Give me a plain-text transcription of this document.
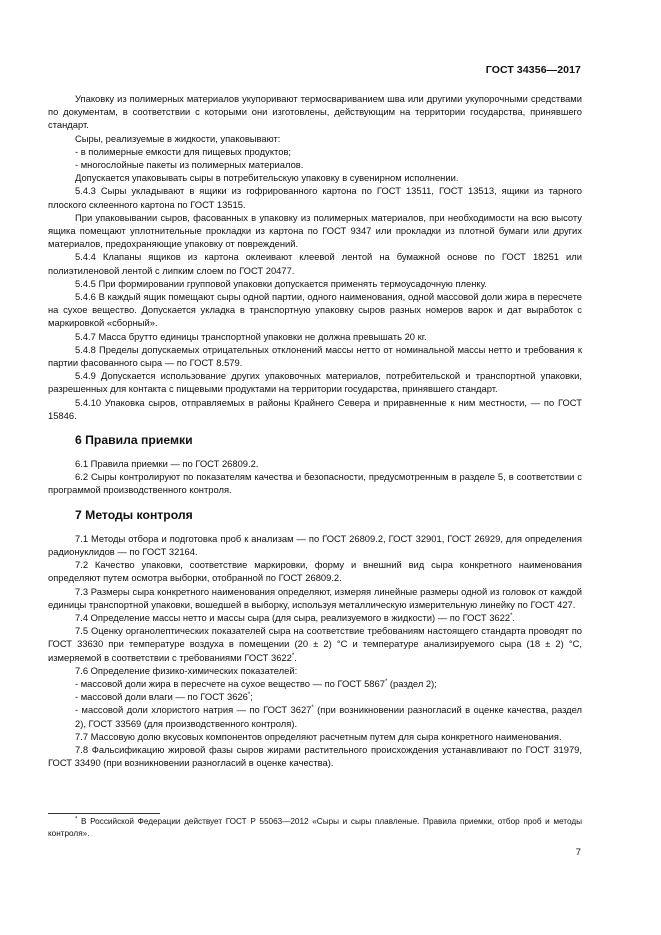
ГОСТ 34356—2017

Упаковку из полимерных материалов укупоривают термосвариванием шва или другими укупорочными средствами по документам, в соответствии с которыми они изготовлены, действующим на территории государства, принявшего стандарт.

Сыры, реализуемые в жидкости, упаковывают:

- в полимерные емкости для пищевых продуктов;

- многослойные пакеты из полимерных материалов.

Допускается упаковывать сыры в потребительскую упаковку в сувенирном исполнении.

5.4.3 Сыры укладывают в ящики из гофрированного картона по ГОСТ 13511, ГОСТ 13513, ящики из тарного плоского склеенного картона по ГОСТ 13515.

При упаковывании сыров, фасованных в упаковку из полимерных материалов, при необходимости на всю высоту ящика помещают уплотнительные прокладки из картона по ГОСТ 9347 или прокладки из плотной бумаги или других материалов, предохраняющие упаковку от повреждений.

5.4.4 Клапаны ящиков из картона оклеивают клеевой лентой на бумажной основе по ГОСТ 18251 или полиэтиленовой лентой с липким слоем по ГОСТ 20477.

5.4.5 При формировании групповой упаковки допускается применять термоусадочную пленку.

5.4.6 В каждый ящик помещают сыры одной партии, одного наименования, одной массовой доли жира в пересчете на сухое вещество. Допускается укладка в транспортную упаковку сыров разных номеров варок и дат выработок с маркировкой «сборный».

5.4.7 Масса брутто единицы транспортной упаковки не должна превышать 20 кг.

5.4.8 Пределы допускаемых отрицательных отклонений массы нетто от номинальной массы нетто и требования к партии фасованного сыра — по ГОСТ 8.579.

5.4.9 Допускается использование других упаковочных материалов, потребительской и транспортной упаковки, разрешенных для контакта с пищевыми продуктами на территории государства, принявшего стандарт.

5.4.10 Упаковка сыров, отправляемых в районы Крайнего Севера и приравненные к ним местности, — по ГОСТ 15846.

6 Правила приемки

6.1 Правила приемки — по ГОСТ 26809.2.

6.2 Сыры контролируют по показателям качества и безопасности, предусмотренным в разделе 5, в соответствии с программой производственного контроля.

7 Методы контроля

7.1 Методы отбора и подготовка проб к анализам — по ГОСТ 26809.2, ГОСТ 32901, ГОСТ 26929, для определения радионуклидов — по ГОСТ 32164.

7.2 Качество упаковки, соответствие маркировки, форму и внешний вид сыра конкретного наименования определяют путем осмотра выборки, отобранной по ГОСТ 26809.2.

7.3 Размеры сыра конкретного наименования определяют, измеряя линейные размеры одной из головок от каждой единицы транспортной упаковки, вошедшей в выборку, используя металлическую измерительную линейку по ГОСТ 427.

7.4 Определение массы нетто и массы сыра (для сыра, реализуемого в жидкости) — по ГОСТ 3622*.

7.5 Оценку органолептических показателей сыра на соответствие требованиям настоящего стандарта проводят по ГОСТ 33630 при температуре воздуха в помещении (20 ± 2) °С и температуре анализируемого сыра (18 ± 2) °С, измеряемой в соответствии с требованиями ГОСТ 3622*.

7.6 Определение физико-химических показателей:

- массовой доли жира в пересчете на сухое вещество — по ГОСТ 5867* (раздел 2);

- массовой доли влаги — по ГОСТ 3626*;

- массовой доли хлористого натрия — по ГОСТ 3627* (при возникновении разногласий в оценке качества, раздел 2), ГОСТ 33569 (для производственного контроля).

7.7 Массовую долю вкусовых компонентов определяют расчетным путем для сыра конкретного наименования.

7.8 Фальсификацию жировой фазы сыров жирами растительного происхождения устанавливают по ГОСТ 31979, ГОСТ 33490 (при возникновении разногласий в оценке качества).

* В Российской Федерации действует ГОСТ Р 55063—2012 «Сыры и сыры плавленые. Правила приемки, отбор проб и методы контроля».
7
